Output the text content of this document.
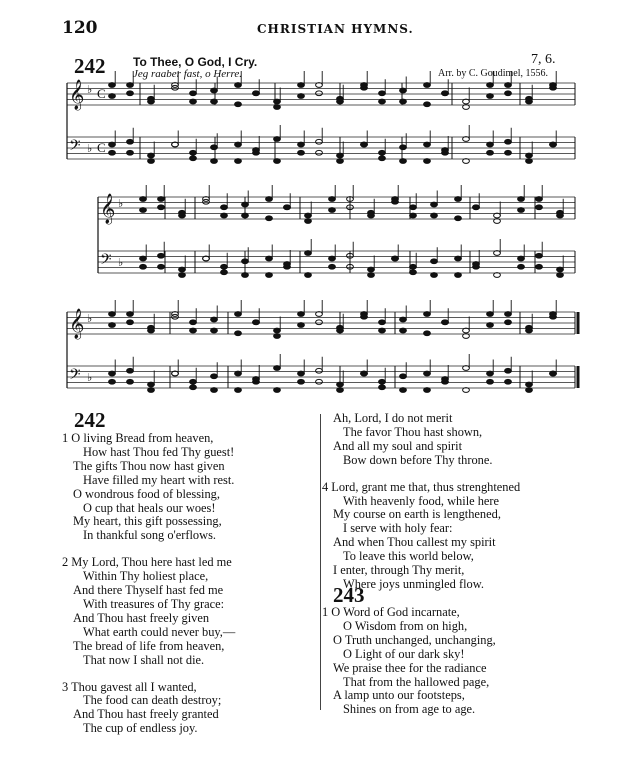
120	CHRISTIAN HYMNS.
242 To Thee, O God, I Cry.
Jeg raaber fast, o Herre.
7, 6.
Arr. by C. Goudimel, 1556.
𝄞 ♭ C
𝄢 ♭ C
𝄞 ♭
𝄢 ♭
𝄞 ♭
𝄢 ♭
242
1 O living Bread from heaven,
How hast Thou fed Thy guest!
The gifts Thou now hast given
Have filled my heart with rest.
O wondrous food of blessing,
O cup that heals our woes!
My heart, this gift possessing,
In thankful song o'erflows.
2 My Lord, Thou here hast led me
Within Thy holiest place,
And there Thyself hast fed me
With treasures of Thy grace:
And Thou hast freely given
What earth could never buy,—
The bread of life from heaven,
That now I shall not die.
3 Thou gavest all I wanted,
The food can death destroy;
And Thou hast freely granted
The cup of endless joy.
Ah, Lord, I do not merit
The favor Thou hast shown,
And all my soul and spirit
Bow down before Thy throne.
4 Lord, grant me that, thus strenghtened
With heavenly food, while here
My course on earth is lengthened,
I serve with holy fear:
And when Thou callest my spirit
To leave this world below,
I enter, through Thy merit,
Where joys unmingled flow.
243
1 O Word of God incarnate,
O Wisdom from on high,
O Truth unchanged, unchanging,
O Light of our dark sky!
We praise thee for the radiance
That from the hallowed page,
A lamp unto our footsteps,
Shines on from age to age.
